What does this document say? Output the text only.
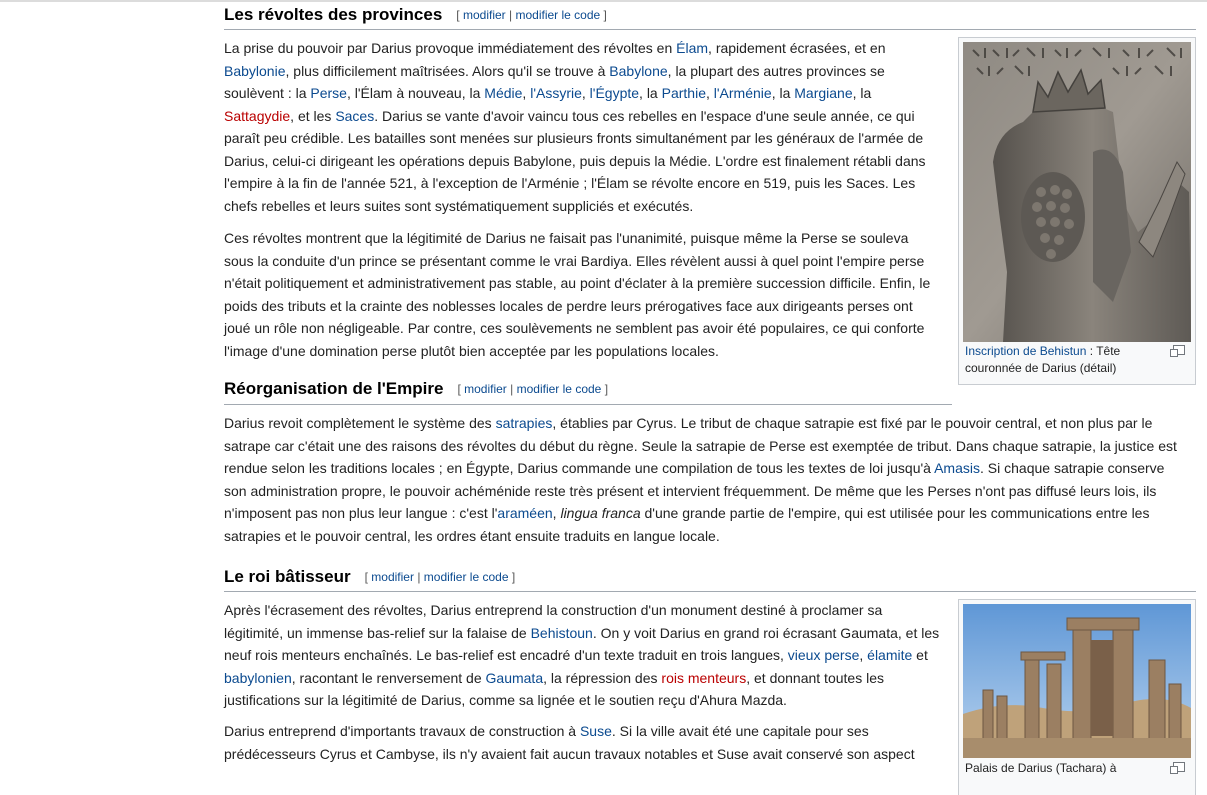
Les révoltes des provinces [ modifier | modifier le code ]
Inscription de Behistun : Tête couronnée de Darius (détail)

La prise du pouvoir par Darius provoque immédiatement des révoltes en Élam, rapidement écrasées, et en Babylonie, plus difficilement maîtrisées. Alors qu'il se trouve à Babylone, la plupart des autres provinces se soulèvent : la Perse, l'Élam à nouveau, la Médie, l'Assyrie, l'Égypte, la Parthie, l'Arménie, la Margiane, la Sattagydie, et les Saces. Darius se vante d'avoir vaincu tous ces rebelles en l'espace d'une seule année, ce qui paraît peu crédible. Les batailles sont menées sur plusieurs fronts simultanément par les généraux de l'armée de Darius, celui-ci dirigeant les opérations depuis Babylone, puis depuis la Médie. L'ordre est finalement rétabli dans l'empire à la fin de l'année 521, à l'exception de l'Arménie ; l'Élam se révolte encore en 519, puis les Saces. Les chefs rebelles et leurs suites sont systématiquement suppliciés et exécutés.

Ces révoltes montrent que la légitimité de Darius ne faisait pas l'unanimité, puisque même la Perse se souleva sous la conduite d'un prince se présentant comme le vrai Bardiya. Elles révèlent aussi à quel point l'empire perse n'était politiquement et administrativement pas stable, au point d'éclater à la première succession difficile. Enfin, le poids des tributs et la crainte des noblesses locales de perdre leurs prérogatives face aux dirigeants perses ont joué un rôle non négligeable. Par contre, ces soulèvements ne semblent pas avoir été populaires, ce qui conforte l'image d'une domination perse plutôt bien acceptée par les populations locales.

Réorganisation de l'Empire [ modifier | modifier le code ]

Darius revoit complètement le système des satrapies, établies par Cyrus. Le tribut de chaque satrapie est fixé par le pouvoir central, et non plus par le satrape car c'était une des raisons des révoltes du début du règne. Seule la satrapie de Perse est exemptée de tribut. Dans chaque satrapie, la justice est rendue selon les traditions locales ; en Égypte, Darius commande une compilation de tous les textes de loi jusqu'à Amasis. Si chaque satrapie conserve son administration propre, le pouvoir achéménide reste très présent et intervient fréquemment. De même que les Perses n'ont pas diffusé leurs lois, ils n'imposent pas non plus leur langue : c'est l'araméen, lingua franca d'une grande partie de l'empire, qui est utilisée pour les communications entre les satrapies et le pouvoir central, les ordres étant ensuite traduits en langue locale.

Le roi bâtisseur [ modifier | modifier le code ]
Palais de Darius (Tachara) à

Après l'écrasement des révoltes, Darius entreprend la construction d'un monument destiné à proclamer sa légitimité, un immense bas-relief sur la falaise de Behistoun. On y voit Darius en grand roi écrasant Gaumata, et les neuf rois menteurs enchaînés. Le bas-relief est encadré d'un texte traduit en trois langues, vieux perse, élamite et babylonien, racontant le renversement de Gaumata, la répression des rois menteurs, et donnant toutes les justifications sur la légitimité de Darius, comme sa lignée et le soutien reçu d'Ahura Mazda.

Darius entreprend d'importants travaux de construction à Suse. Si la ville avait été une capitale pour ses prédécesseurs Cyrus et Cambyse, ils n'y avaient fait aucun travaux notables et Suse avait conservé son aspect
